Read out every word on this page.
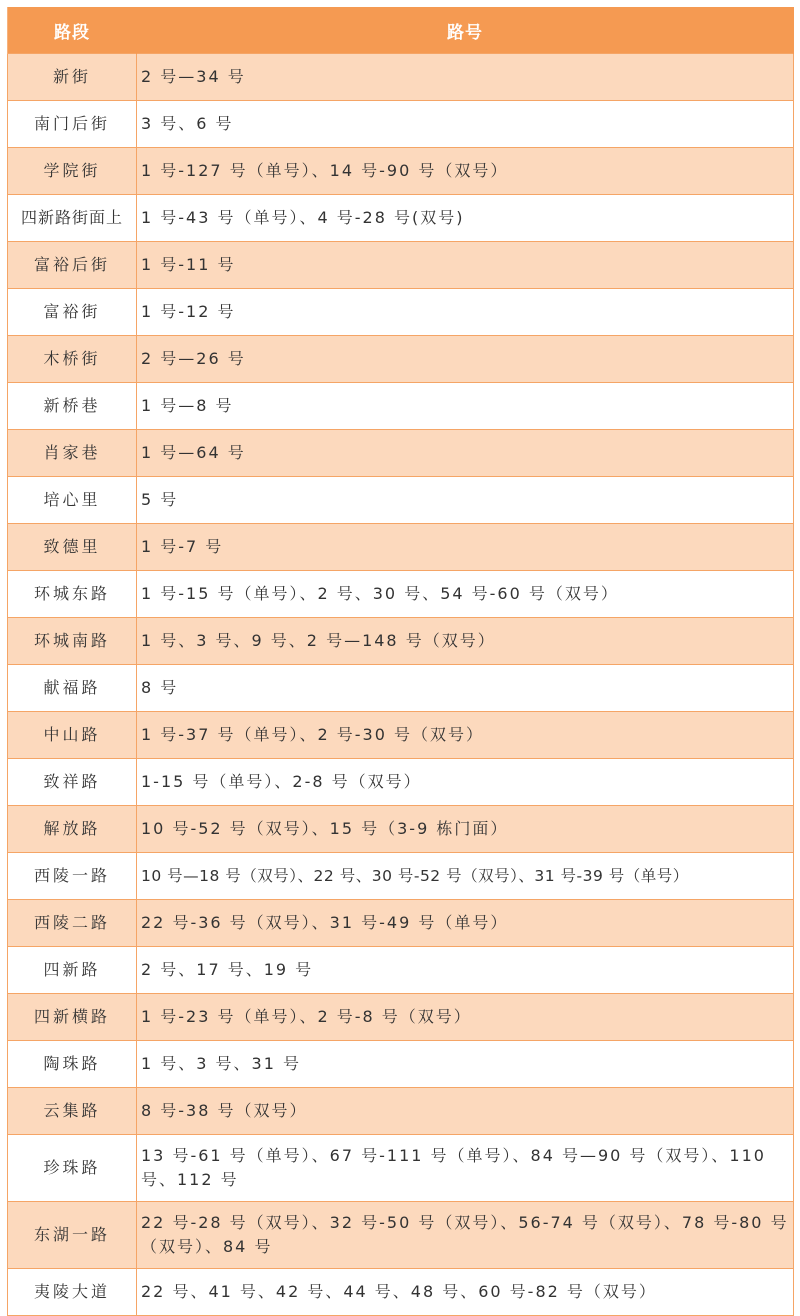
路段	路号
新街	2 号—34 号
南门后街	3 号、6 号
学院街	1 号-127 号（单号）、14 号-90 号（双号）
四新路街面上	1 号-43 号（单号）、4 号-28 号(双号)
富裕后街	1 号-11 号
富裕街	1 号-12 号
木桥街	2 号—26 号
新桥巷	1 号—8 号
肖家巷	1 号—64 号
培心里	5 号
致德里	1 号-7 号
环城东路	1 号-15 号（单号）、2 号、30 号、54 号-60 号（双号）
环城南路	1 号、3 号、9 号、2 号—148 号（双号）
献福路	8 号
中山路	1 号-37 号（单号）、2 号-30 号（双号）
致祥路	1-15 号（单号）、2-8 号（双号）
解放路	10 号-52 号（双号）、15 号（3-9 栋门面）
西陵一路	10 号—18 号（双号）、22 号、30 号-52 号（双号）、31 号-39 号（单号）
西陵二路	22 号-36 号（双号）、31 号-49 号（单号）
四新路	2 号、17 号、19 号
四新横路	1 号-23 号（单号）、2 号-8 号（双号）
陶珠路	1 号、3 号、31 号
云集路	8 号-38 号（双号）
珍珠路	13 号-61 号（单号）、67 号-111 号（单号）、84 号—90 号（双号）、110 号、112 号
东湖一路	22 号-28 号（双号）、32 号-50 号（双号）、56-74 号（双号）、78 号-80 号（双号）、84 号
夷陵大道	22 号、41 号、42 号、44 号、48 号、60 号-82 号（双号）
